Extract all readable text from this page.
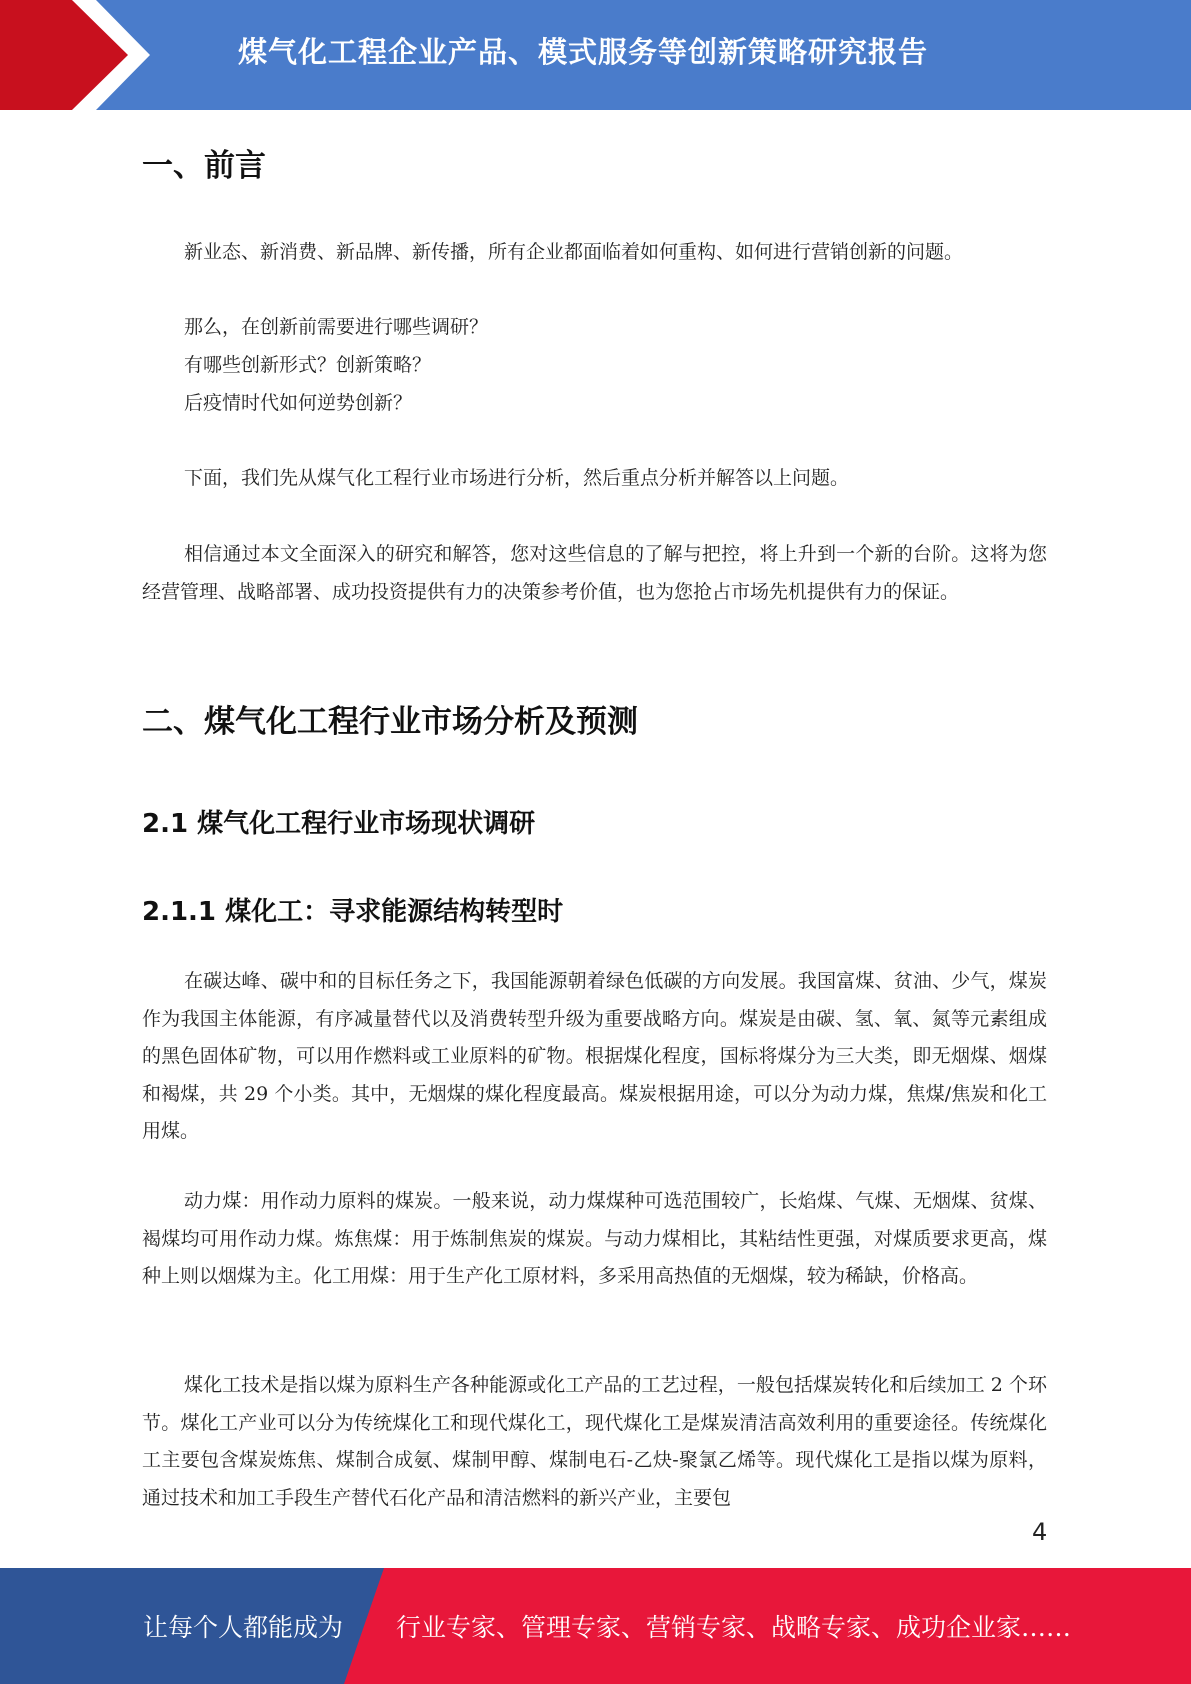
煤气化工程企业产品、模式服务等创新策略研究报告
一、前言
新业态、新消费、新品牌、新传播，所有企业都面临着如何重构、如何进行营销创新的问题。
那么，在创新前需要进行哪些调研？
有哪些创新形式？创新策略？
后疫情时代如何逆势创新？
下面，我们先从煤气化工程行业市场进行分析，然后重点分析并解答以上问题。
相信通过本文全面深入的研究和解答，您对这些信息的了解与把控，将上升到一个新的台阶。这将为您经营管理、战略部署、成功投资提供有力的决策参考价值，也为您抢占市场先机提供有力的保证。
二、煤气化工程行业市场分析及预测
2.1 煤气化工程行业市场现状调研
2.1.1 煤化工：寻求能源结构转型时
在碳达峰、碳中和的目标任务之下，我国能源朝着绿色低碳的方向发展。我国富煤、贫油、少气，煤炭作为我国主体能源，有序减量替代以及消费转型升级为重要战略方向。煤炭是由碳、氢、氧、氮等元素组成的黑色固体矿物，可以用作燃料或工业原料的矿物。根据煤化程度，国标将煤分为三大类，即无烟煤、烟煤和褐煤，共 29 个小类。其中，无烟煤的煤化程度最高。煤炭根据用途，可以分为动力煤，焦煤/焦炭和化工用煤。
动力煤：用作动力原料的煤炭。一般来说，动力煤煤种可选范围较广，长焰煤、气煤、无烟煤、贫煤、褐煤均可用作动力煤。炼焦煤：用于炼制焦炭的煤炭。与动力煤相比，其粘结性更强，对煤质要求更高，煤种上则以烟煤为主。化工用煤：用于生产化工原材料，多采用高热值的无烟煤，较为稀缺，价格高。
煤化工技术是指以煤为原料生产各种能源或化工产品的工艺过程，一般包括煤炭转化和后续加工 2 个环节。煤化工产业可以分为传统煤化工和现代煤化工，现代煤化工是煤炭清洁高效利用的重要途径。传统煤化工主要包含煤炭炼焦、煤制合成氨、煤制甲醇、煤制电石-乙炔-聚氯乙烯等。现代煤化工是指以煤为原料，通过技术和加工手段生产替代石化产品和清洁燃料的新兴产业，主要包
4
让每个人都能成为 行业专家、管理专家、营销专家、战略专家、成功企业家……
